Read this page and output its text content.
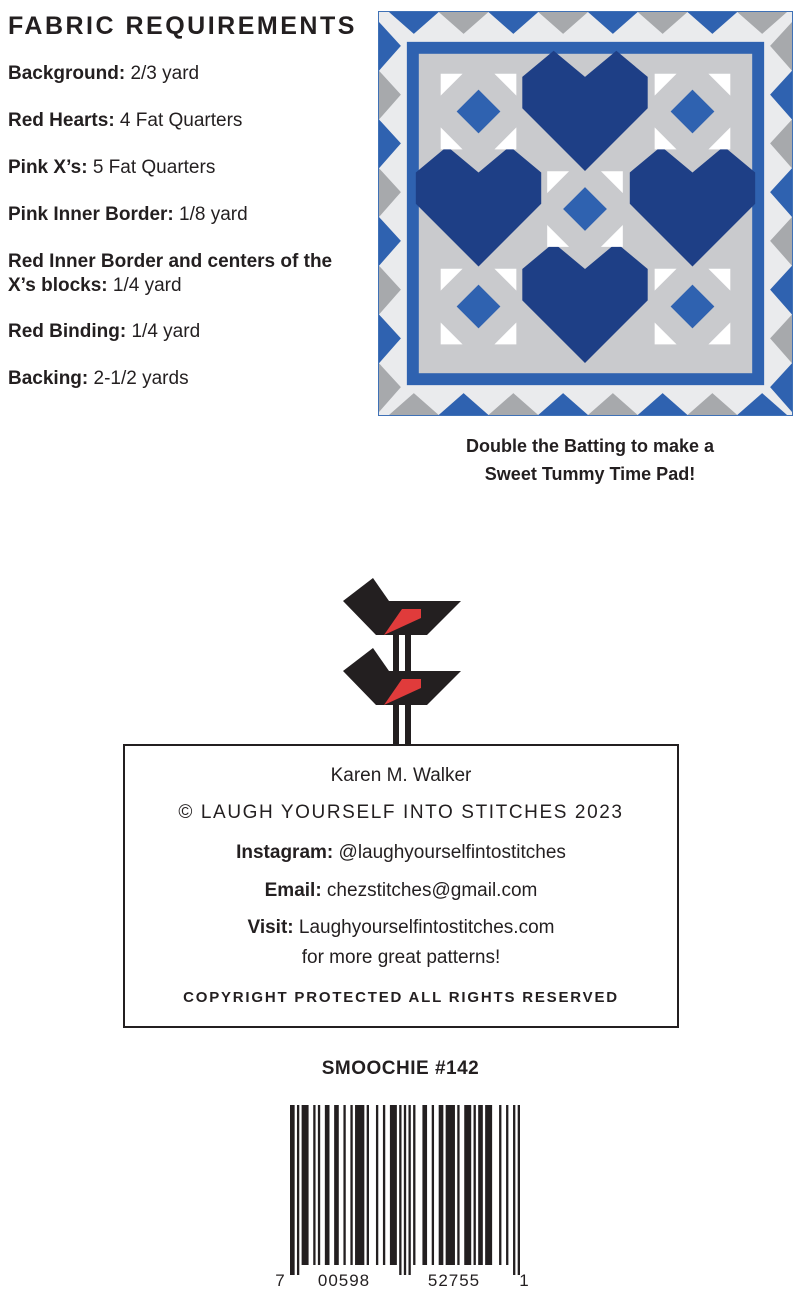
FABRIC REQUIREMENTS
Background: 2/3 yard
Red Hearts: 4 Fat Quarters
Pink X’s: 5 Fat Quarters
Pink Inner Border: 1/8 yard
Red Inner Border and centers of the X’s blocks: 1/4 yard
Red Binding: 1/4 yard
Backing: 2-1/2 yards

Double the Batting to make a
Sweet Tummy Time Pad!

Karen M. Walker

© LAUGH YOURSELF INTO STITCHES 2023

Instagram: @laughyourselfintostitches

Email: chezstitches@gmail.com

Visit: Laughyourselfintostitches.com

for more great patterns!

COPYRIGHT PROTECTED ALL RIGHTS RESERVED

SMOOCHIE #142

7 00598	52755 1
